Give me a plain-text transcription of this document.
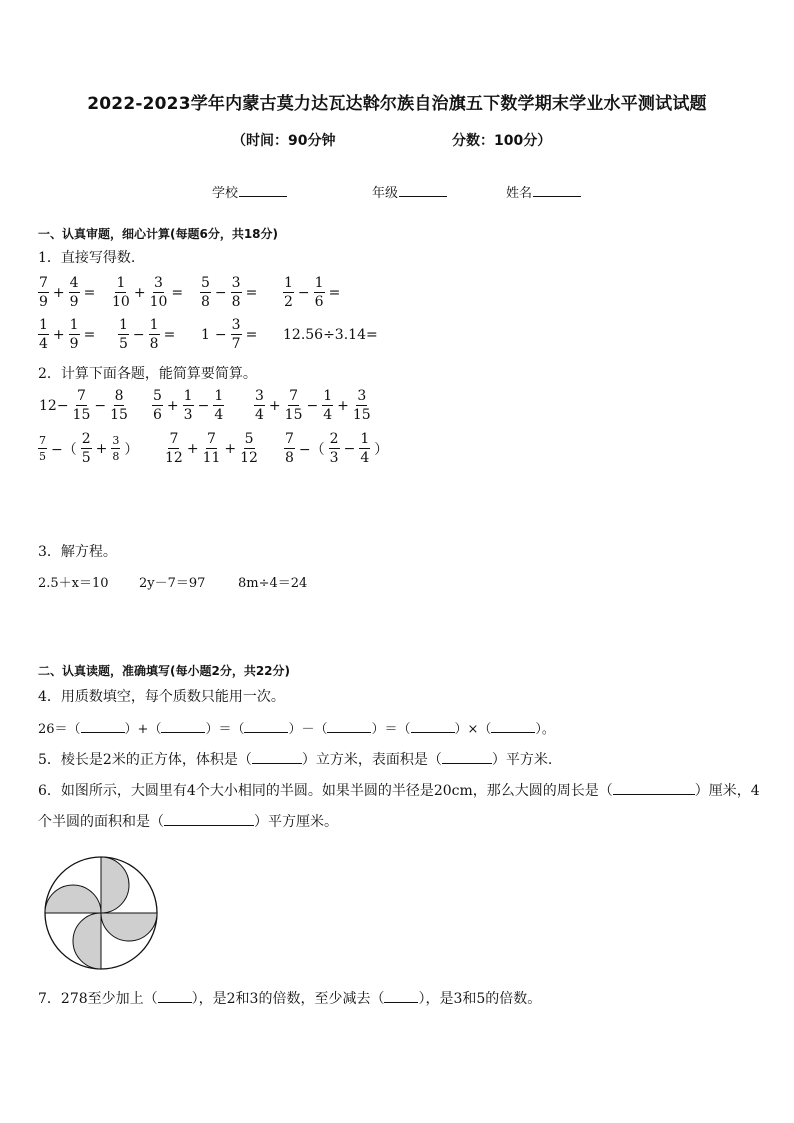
2022-2023学年内蒙古莫力达瓦达斡尔族自治旗五下数学期末学业水平测试试题
（时间：90分钟	分数：100分）
学校	年级	姓名
一、认真审题，细心计算(每题6分，共18分)
1．直接写得数.
$\frac{7}{9} + \frac{4}{9} = \frac{1}{10} + \frac{3}{10} = \frac{5}{8} - \frac{3}{8} = \frac{1}{2} - \frac{1}{6}$ =
$\frac{1}{4} + \frac{1}{9} = \frac{1}{5} - \frac{1}{8} = 1 - \frac{3}{7} = 12.56\div 3.14=$
2．计算下面各题，能简算要简算。
$12- \frac{7}{15} - \frac{8}{15} \frac{5}{6} + \frac{1}{3} - \frac{1}{4} \frac{3}{4} + \frac{7}{15} - \frac{1}{4} + \frac{3}{15}$
$\frac{7}{5}$ −（ $\frac{2}{5} + \frac{3}{8}$ ） $\frac{7}{12} + \frac{7}{11} + \frac{5}{12} \frac{7}{8}$ −（ $\frac{2}{3} - \frac{1}{4}$ ）
3．解方程。
2.5＋x＝10 2y－7＝97	8m÷4＝24
二、认真读题，准确填写(每小题2分，共22分)
4．用质数填空，每个质数只能用一次。
26＝（	）+（	）＝（	）－（	）＝（	）×（	）。
5．棱长是2米的正方体，体积是（	）立方米，表面积是（	）平方米.
6．如图所示，大圆里有4个大小相同的半圆。如果半圆的半径是20cm，那么大圆的周长是（	）厘米，4
个半圆的面积和是（	）平方厘米。
7．278至少加上（ ），是2和3的倍数，至少减去（ ），是3和5的倍数。
